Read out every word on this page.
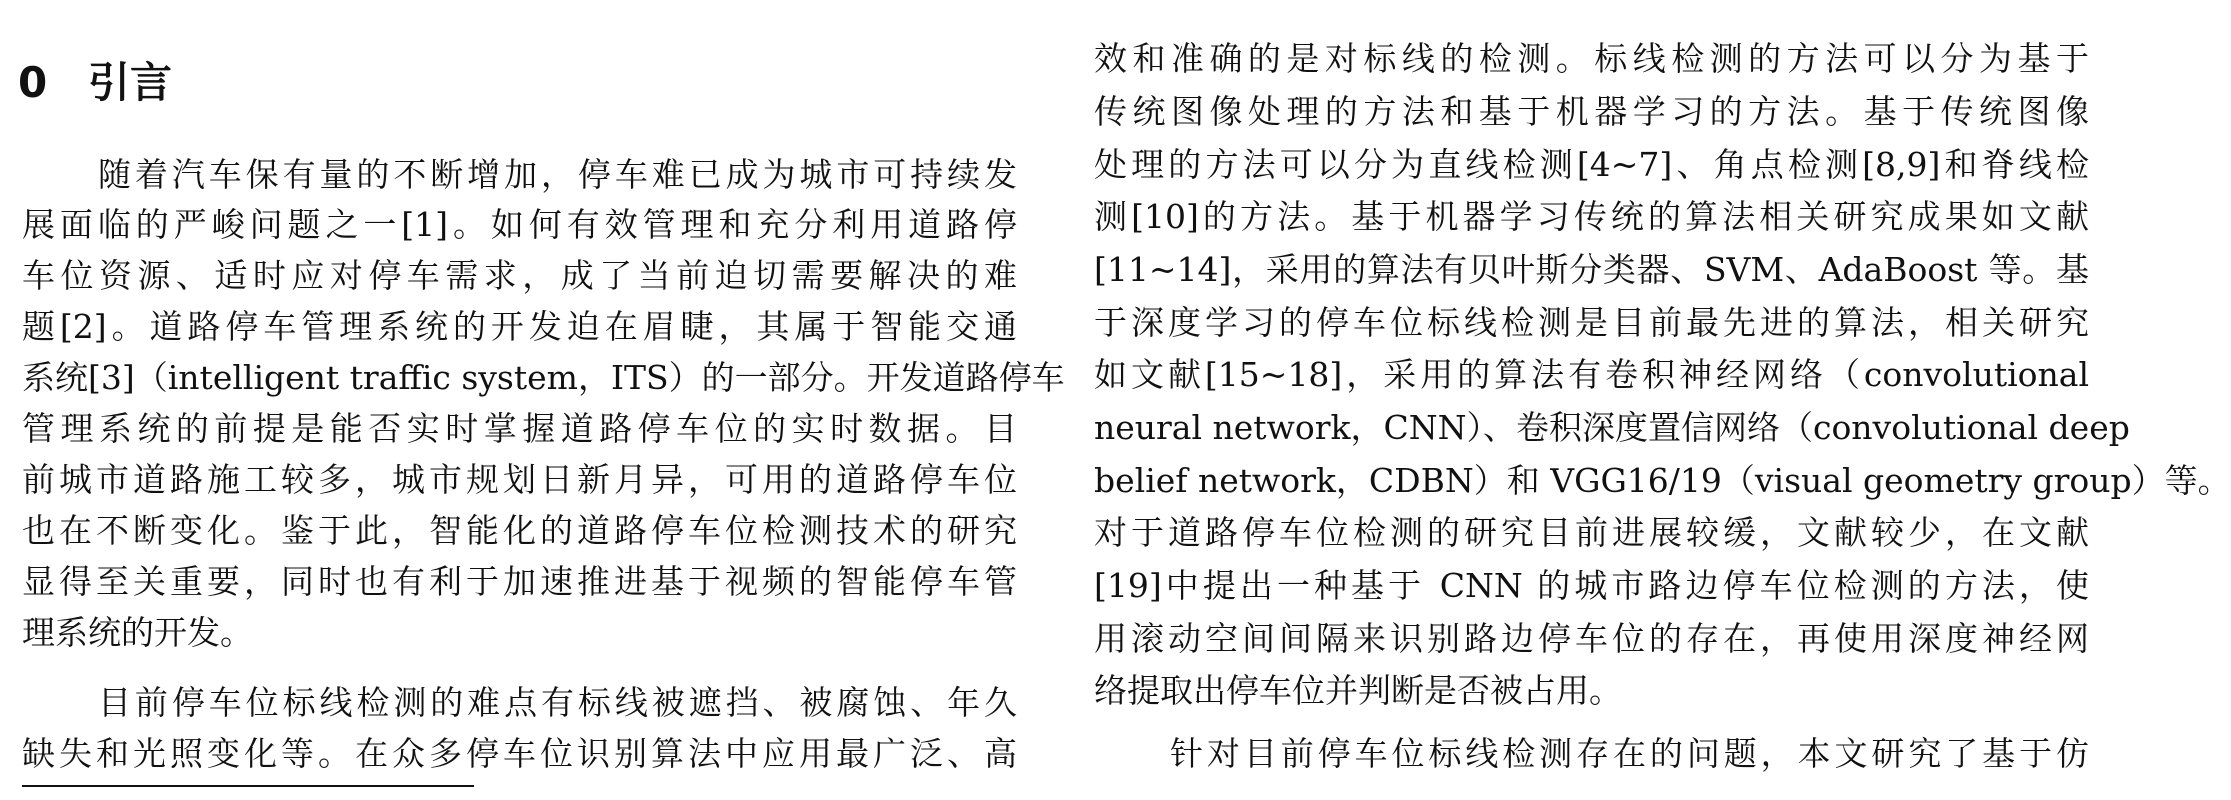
0 引言
随着汽车保有量的不断增加，停车难已成为城市可持续发
展面临的严峻问题之一[1]。如何有效管理和充分利用道路停
车位资源、适时应对停车需求，成了当前迫切需要解决的难
题[2]。道路停车管理系统的开发迫在眉睫，其属于智能交通
系统[3]（intelligent traffic system，ITS）的一部分。开发道路停车
管理系统的前提是能否实时掌握道路停车位的实时数据。目
前城市道路施工较多，城市规划日新月异，可用的道路停车位
也在不断变化。鉴于此，智能化的道路停车位检测技术的研究
显得至关重要，同时也有利于加速推进基于视频的智能停车管
理系统的开发。
目前停车位标线检测的难点有标线被遮挡、被腐蚀、年久
缺失和光照变化等。在众多停车位识别算法中应用最广泛、高
效和准确的是对标线的检测。标线检测的方法可以分为基于
传统图像处理的方法和基于机器学习的方法。基于传统图像
处理的方法可以分为直线检测[4~7]、角点检测[8,9]和脊线检
测[10]的方法。基于机器学习传统的算法相关研究成果如文献
[11~14]，采用的算法有贝叶斯分类器、SVM、AdaBoost 等。基
于深度学习的停车位标线检测是目前最先进的算法，相关研究
如文献[15~18]，采用的算法有卷积神经网络（convolutional
neural network，CNN）、卷积深度置信网络（convolutional deep
belief network，CDBN）和 VGG16/19（visual geometry group）等。
对于道路停车位检测的研究目前进展较缓，文献较少，在文献
[19]中提出一种基于 CNN 的城市路边停车位检测的方法，使
用滚动空间间隔来识别路边停车位的存在，再使用深度神经网
络提取出停车位并判断是否被占用。
针对目前停车位标线检测存在的问题，本文研究了基于仿
